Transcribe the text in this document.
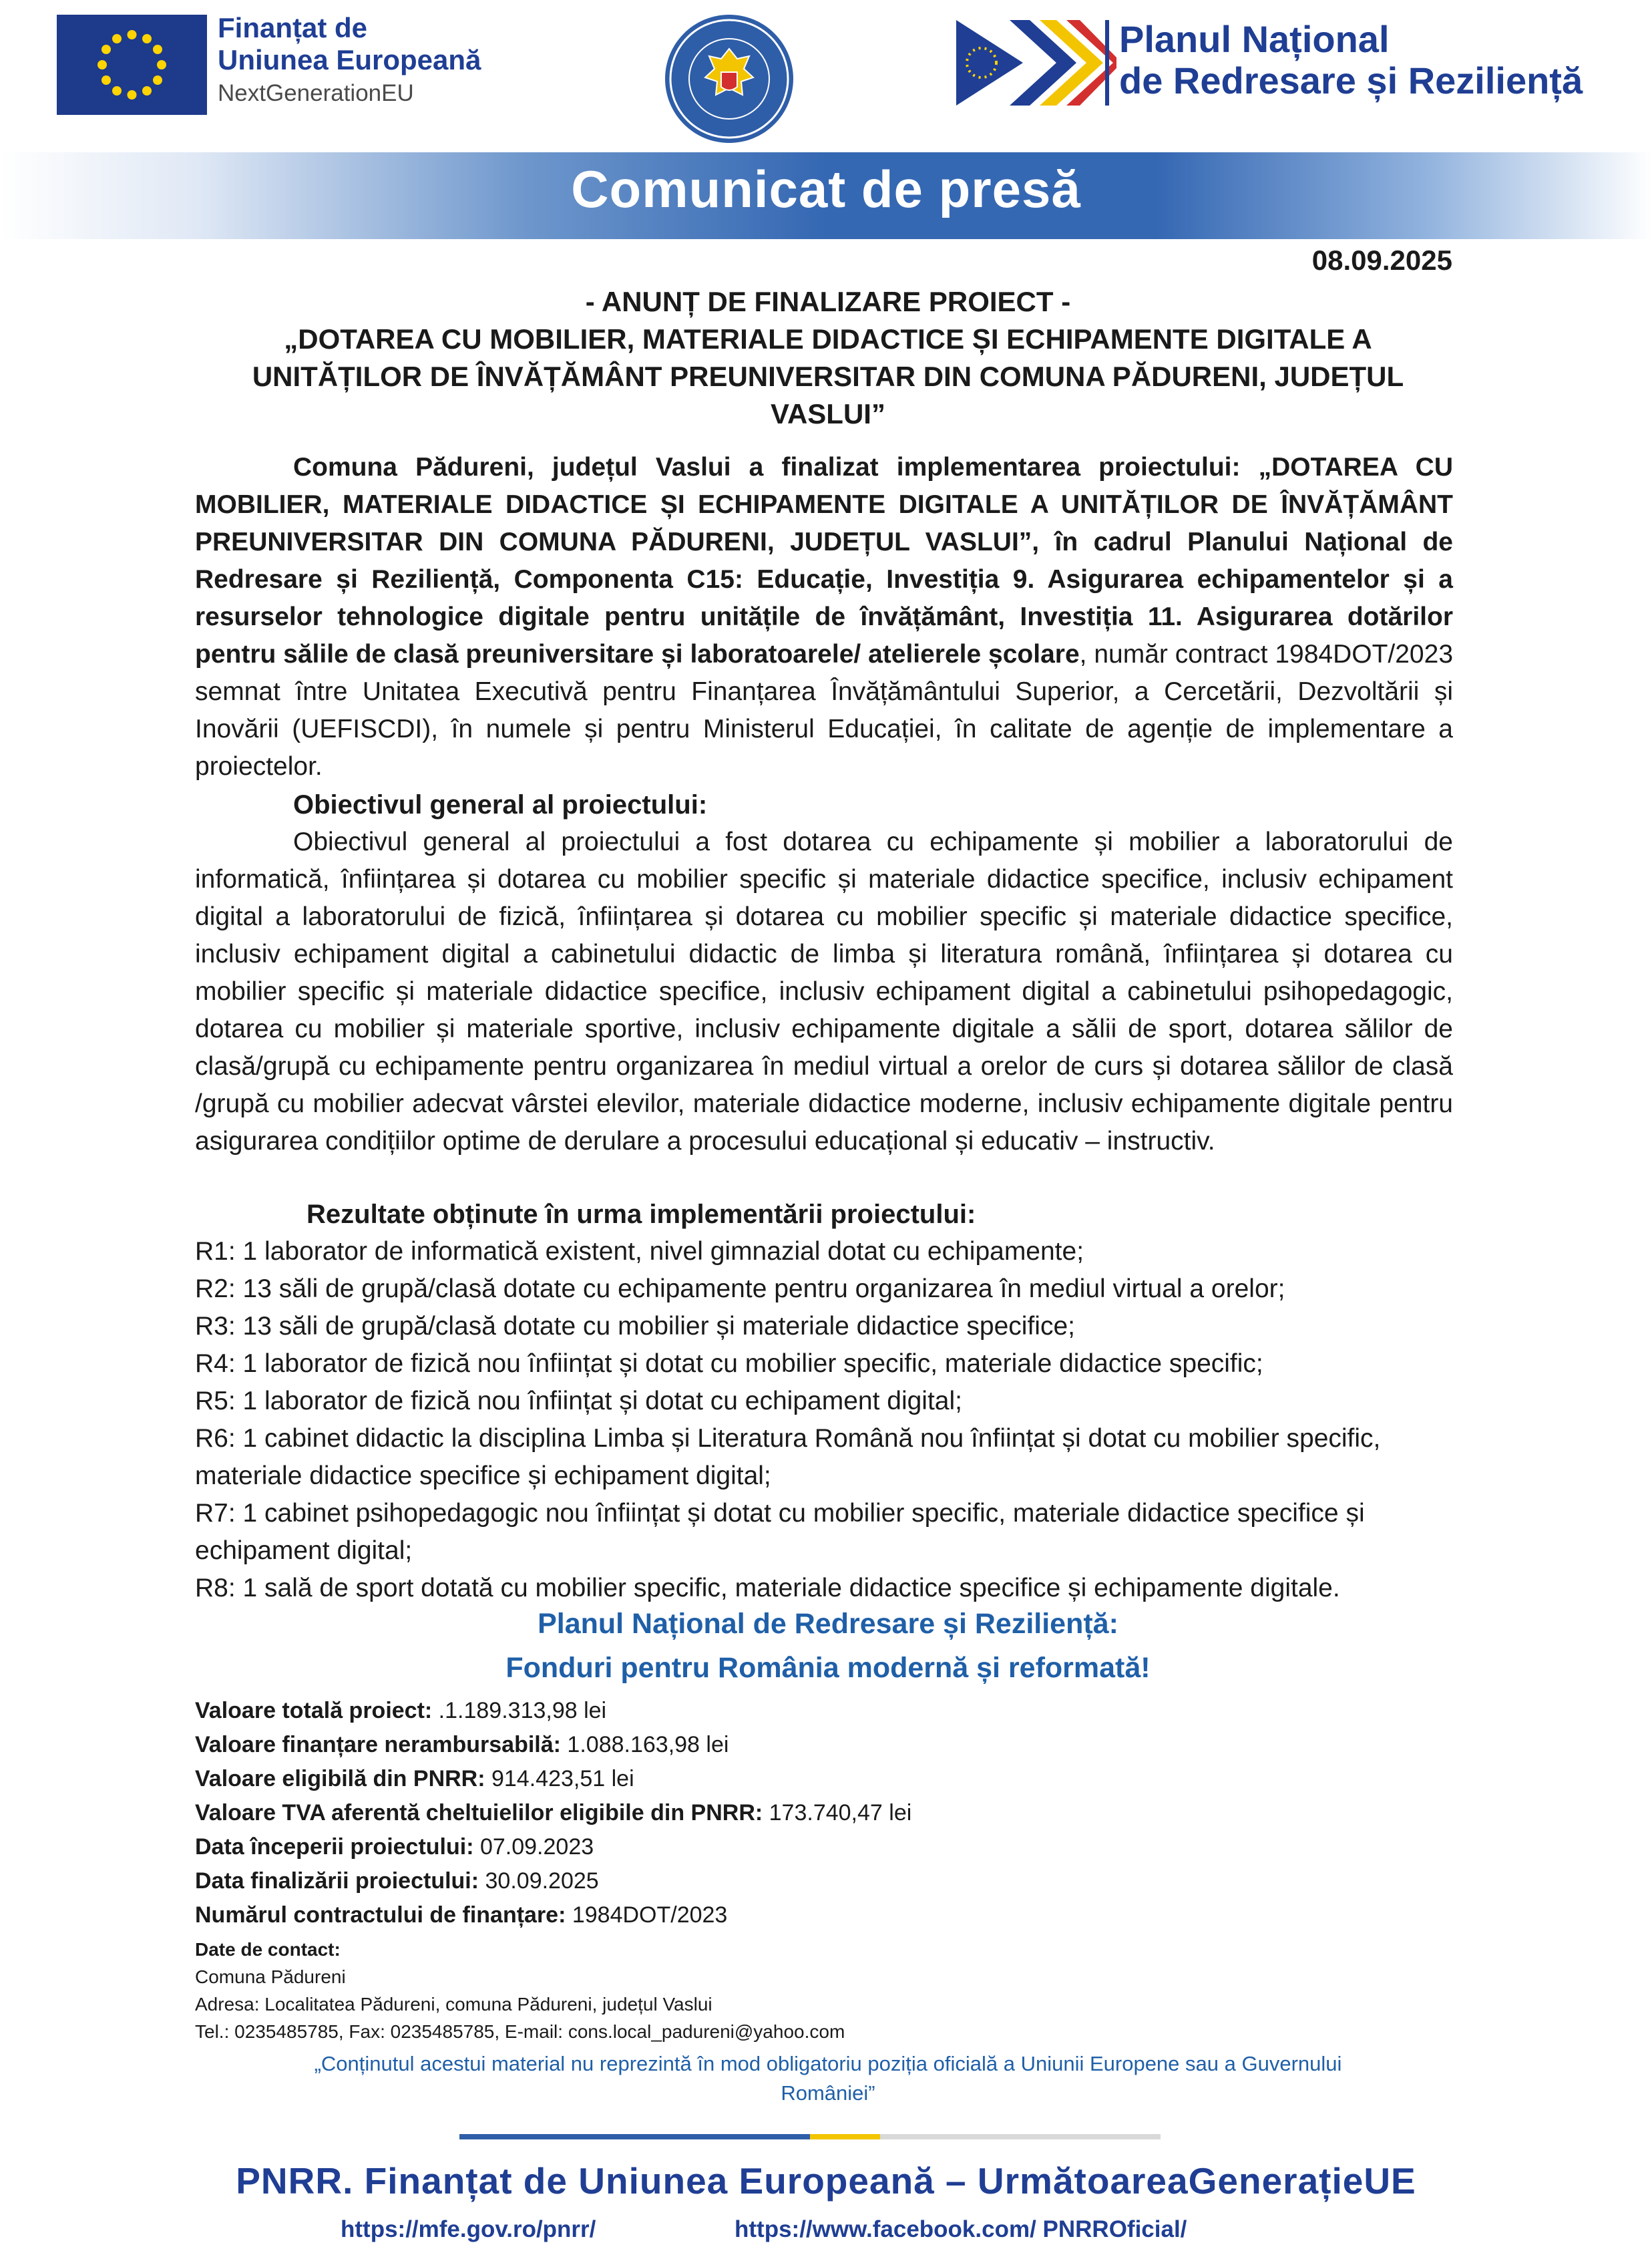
Finanțat de
Uniunea Europeană
NextGenerationEU
Planul Național
de Redresare și Reziliență
Comunicat de presă
08.09.2025
- ANUNȚ DE FINALIZARE PROIECT -
„DOTAREA CU MOBILIER, MATERIALE DIDACTICE ȘI ECHIPAMENTE DIGITALE A
UNITĂȚILOR DE ÎNVĂȚĂMÂNT PREUNIVERSITAR DIN COMUNA PĂDURENI, JUDEȚUL
VASLUI”
Comuna Pădureni, județul Vaslui a finalizat implementarea proiectului: „DOTAREA CU MOBILIER, MATERIALE DIDACTICE ȘI ECHIPAMENTE DIGITALE A UNITĂȚILOR DE ÎNVĂȚĂMÂNT PREUNIVERSITAR DIN COMUNA PĂDURENI, JUDEȚUL VASLUI”, în cadrul Planului Național de Redresare și Reziliență, Componenta C15: Educație, Investiția 9. Asigurarea echipamentelor și a resurselor tehnologice digitale pentru unitățile de învățământ, Investiția 11. Asigurarea dotărilor pentru sălile de clasă preuniversitare și laboratoarele/ atelierele școlare, număr contract 1984DOT/2023 semnat între Unitatea Executivă pentru Finanțarea Învățământului Superior, a Cercetării, Dezvoltării și Inovării (UEFISCDI), în numele și pentru Ministerul Educației, în calitate de agenție de implementare a proiectelor.
Obiectivul general al proiectului:
Obiectivul general al proiectului a fost dotarea cu echipamente și mobilier a laboratorului de informatică, înființarea și dotarea cu mobilier specific și materiale didactice specifice, inclusiv echipament digital a laboratorului de fizică, înființarea și dotarea cu mobilier specific și materiale didactice specifice, inclusiv echipament digital a cabinetului didactic de limba și literatura română, înființarea și dotarea cu mobilier specific și materiale didactice specifice, inclusiv echipament digital a cabinetului psihopedagogic, dotarea cu mobilier și materiale sportive, inclusiv echipamente digitale a sălii de sport, dotarea sălilor de clasă/grupă cu echipamente pentru organizarea în mediul virtual a orelor de curs și dotarea sălilor de clasă /grupă cu mobilier adecvat vârstei elevilor, materiale didactice moderne, inclusiv echipamente digitale pentru asigurarea condițiilor optime de derulare a procesului educațional și educativ – instructiv.
Rezultate obținute în urma implementării proiectului:
R1: 1 laborator de informatică existent, nivel gimnazial dotat cu echipamente;
R2: 13 săli de grupă/clasă dotate cu echipamente pentru organizarea în mediul virtual a orelor;
R3: 13 săli de grupă/clasă dotate cu mobilier și materiale didactice specifice;
R4: 1 laborator de fizică nou înființat și dotat cu mobilier specific, materiale didactice specific;
R5: 1 laborator de fizică nou înființat și dotat cu echipament digital;
R6: 1 cabinet didactic la disciplina Limba și Literatura Română nou înființat și dotat cu mobilier specific, materiale didactice specifice și echipament digital;
R7: 1 cabinet psihopedagogic nou înființat și dotat cu mobilier specific, materiale didactice specifice și echipament digital;
R8: 1 sală de sport dotată cu mobilier specific, materiale didactice specifice și echipamente digitale.
Planul Național de Redresare și Reziliență:
Fonduri pentru România modernă și reformată!
Valoare totală proiect: .1.189.313,98 lei
Valoare finanțare nerambursabilă: 1.088.163,98 lei
Valoare eligibilă din PNRR: 914.423,51 lei
Valoare TVA aferentă cheltuielilor eligibile din PNRR: 173.740,47 lei
Data începerii proiectului: 07.09.2023
Data finalizării proiectului: 30.09.2025
Numărul contractului de finanțare: 1984DOT/2023
Date de contact:
Comuna Pădureni
Adresa: Localitatea Pădureni, comuna Pădureni, județul Vaslui
Tel.: 0235485785, Fax: 0235485785, E-mail: cons.local_padureni@yahoo.com
„Conținutul acestui material nu reprezintă în mod obligatoriu poziția oficială a Uniunii Europene sau a Guvernului
României”
PNRR. Finanțat de Uniunea Europeană – UrmătoareaGenerațieUE
https://mfe.gov.ro/pnrr/	https://www.facebook.com/ PNRROficial/
